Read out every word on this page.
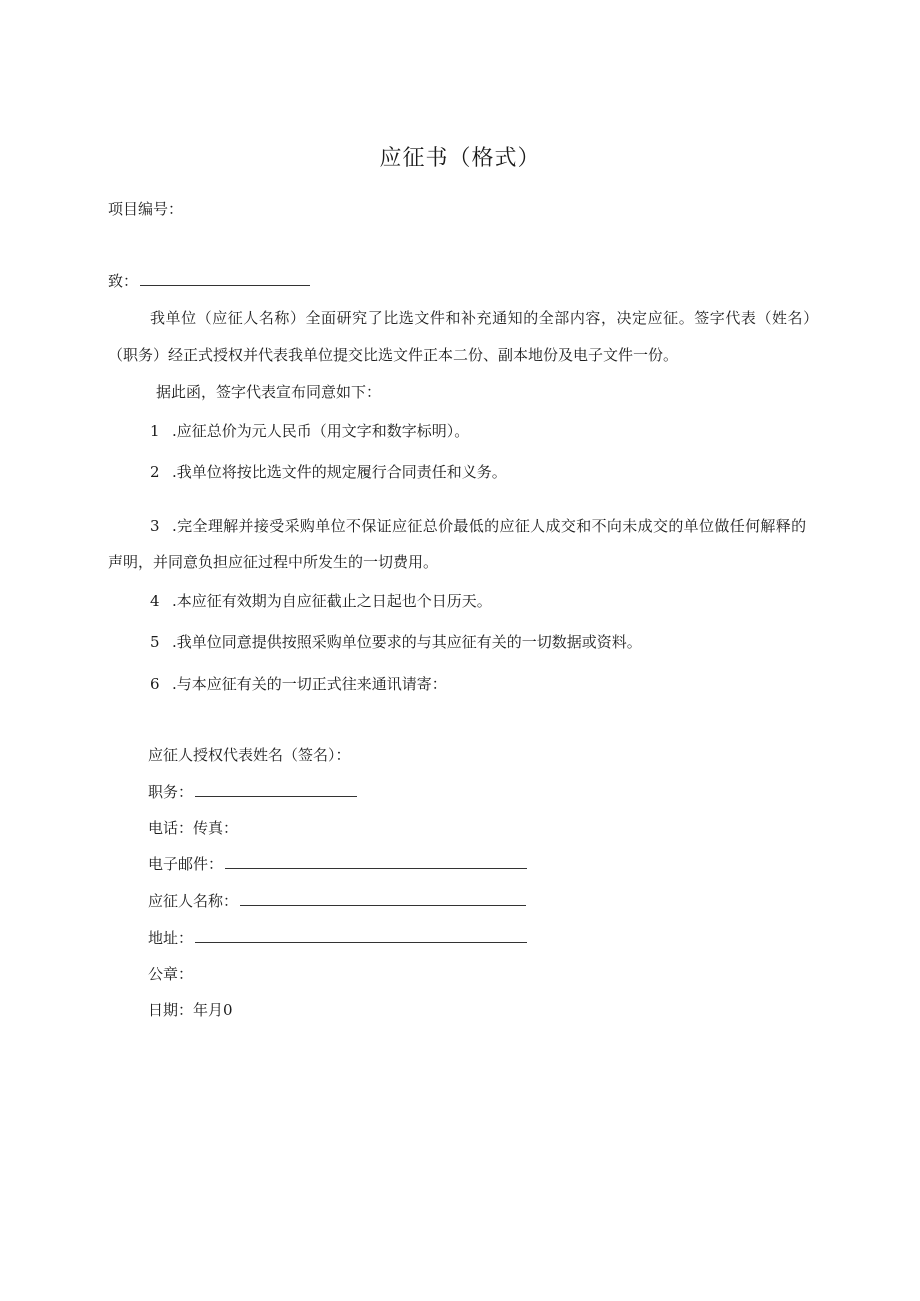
应征书（格式）
项目编号：
致：
我单位（应征人名称）全面研究了比选文件和补充通知的全部内容，决定应征。签字代表（姓名）
（职务）经正式授权并代表我单位提交比选文件正本二份、副本地份及电子文件一份。
据此函，签字代表宣布同意如下：
1 .应征总价为元人民币（用文字和数字标明）。
2 .我单位将按比选文件的规定履行合同责任和义务。
3 .完全理解并接受采购单位不保证应征总价最低的应征人成交和不向未成交的单位做任何解释的
声明，并同意负担应征过程中所发生的一切费用。
4 .本应征有效期为自应征截止之日起也个日历天。
5 .我单位同意提供按照采购单位要求的与其应征有关的一切数据或资料。
6 .与本应征有关的一切正式往来通讯请寄：
应征人授权代表姓名（签名）：
职务：
电话：传真：
电子邮件：
应征人名称：
地址：
公章：
日期：年月0
